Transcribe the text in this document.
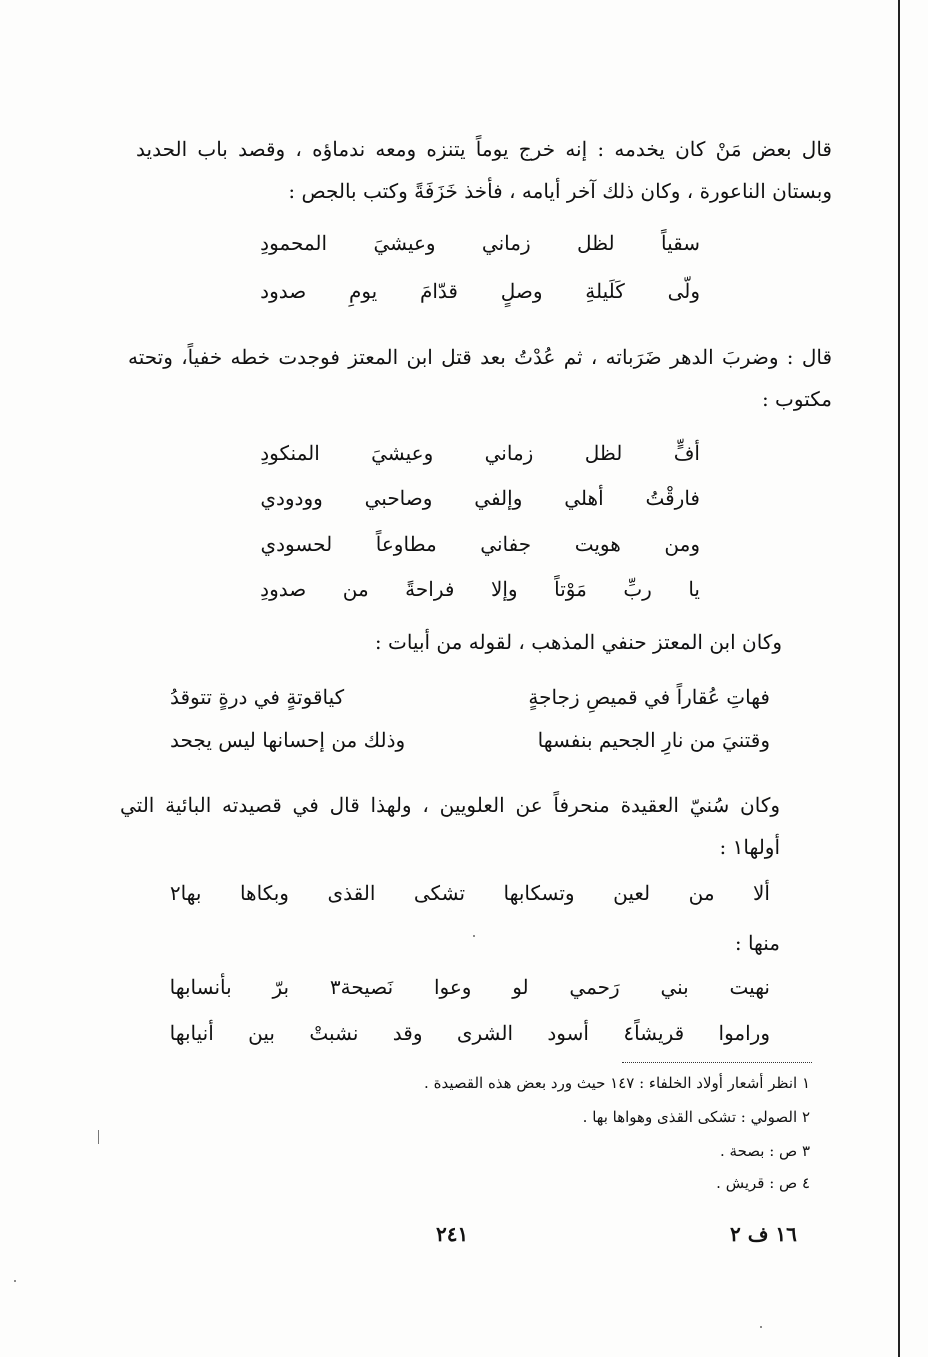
قال بعض مَنْ كان يخدمه : إنه خرج يوماً يتنزه ومعه ندماؤه ، وقصد باب الحديد وبستان الناعورة ، وكان ذلك آخر أيامه ، فأخذ خَزَفَةً وكتب بالجص :
سقياً لظل زماني وعيشيَ المحمودِ
ولّى كَلَيلةِ وصلٍ قدّامَ يومِ صدود
قال : وضربَ الدهر ضَرَباته ، ثم عُدْتُ بعد قتل ابن المعتز فوجدت خطه خفياً، وتحته مكتوب :
أفٍّ لظل زماني وعيشيَ المنكودِ
فارقْتُ أهلي وإلفي وصاحبي وودودي
ومن هويت جفاني مطاوعاً لحسودي
يا ربِّ مَوْتاً وإلا فراحةً من صدودِ
وكان ابن المعتز حنفي المذهب ، لقوله من أبيات :
فهاتِ عُقاراً في قميصِ زجاجةٍ
كياقوتةٍ في درةٍ تتوقدُ
وقتنيَ من نارِ الجحيم بنفسها
وذلك من إحسانها ليس يجحد
وكان سُنيّ العقيدة منحرفاً عن العلويين ، ولهذا قال في قصيدته البائية التي أولها١ :
ألا من لعين وتسكابها تشكى القذى وبكاها بها٢
منها :
نهيت بني رَحمي لو وعوا نَصيحة٣ برّ بأنسابها
وراموا قريشاً٤ أسود الشرى وقد نشبتْ بين أنيابها
١ انظر أشعار أولاد الخلفاء : ١٤٧ حيث ورد بعض هذه القصيدة .
٢ الصولي : تشكى القذى وهواها بها .
٣ ص : بصحة .
٤ ص : قريش .
٢٤١	١٦ ف ٢
